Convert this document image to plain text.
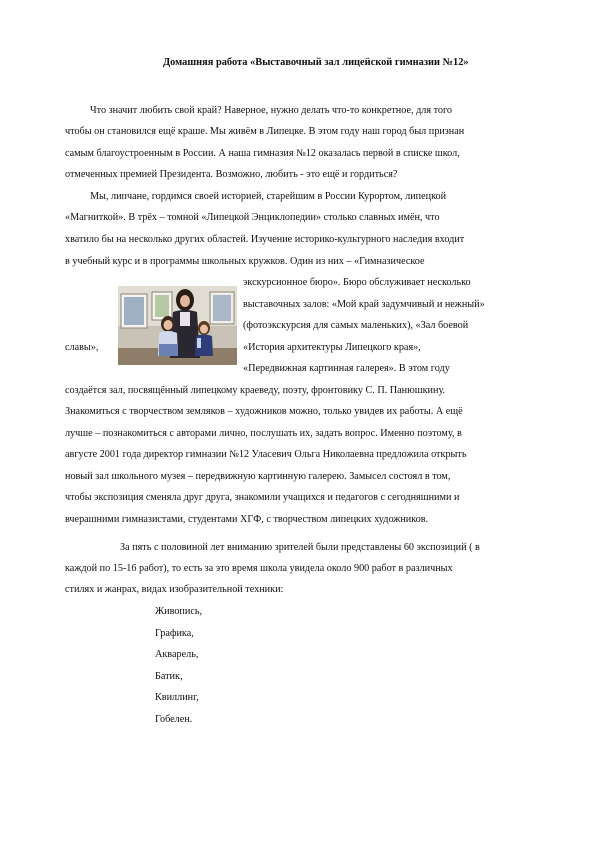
Домашняя работа «Выставочный зал лицейской гимназии №12»
Что значит любить свой край? Наверное, нужно делать что-то конкретное, для того
чтобы он становился ещё краше. Мы живём в Липецке. В этом году наш город был признан
самым благоустроенным в России. А наша гимназия №12 оказалась первой в списке школ,
отмеченных премией Президента. Возможно, любить - это ещё и гордиться?
Мы, липчане, гордимся своей историей, старейшим в России Курортом, липецкой
«Магниткой». В трёх – томной «Липецкой Энциклопедии» столько славных имён, что
хватило бы на несколько других областей. Изучение историко-культурного наследия входит
в учебный курс и в программы школьных кружков. Один из них – «Гимназическое
экскурсионное бюро». Бюро обслуживает несколько
выставочных залов: «Мой край задумчивый и нежный»
(фотоэкскурсия для самых маленьких), «Зал боевой
славы»,	«История архитектуры Липецкого края»,
«Передвижная картинная галерея». В этом году
создаётся зал, посвящённый липецкому краеведу, поэту, фронтовику С. П. Панюшкину.
Знакомиться с творчеством земляков – художников можно, только увидев их работы. А ещё
лучше – познакомиться с авторами лично, послушать их, задать вопрос. Именно поэтому, в
августе 2001 года директор гимназии №12 Уласевич Ольга Николаевна предложила открыть
новый зал школьного музея – передвижную картинную галерею. Замысел состоял в том,
чтобы экспозиция сменяла друг друга, знакомили учащихся и педагогов с сегодняшними и
вчерашними гимназистами, студентами ХГФ, с творчеством липецких художников.
За пять с половиной лет вниманию зрителей были представлены 60 экспозиций ( в
каждой по 15-16 работ), то есть за это время школа увидела около 900 работ в различных
стилях и жанрах, видах изобразительной техники:
Живопись,
Графика,
Акварель,
Батик,
Квиллинг,
Гобелен.
